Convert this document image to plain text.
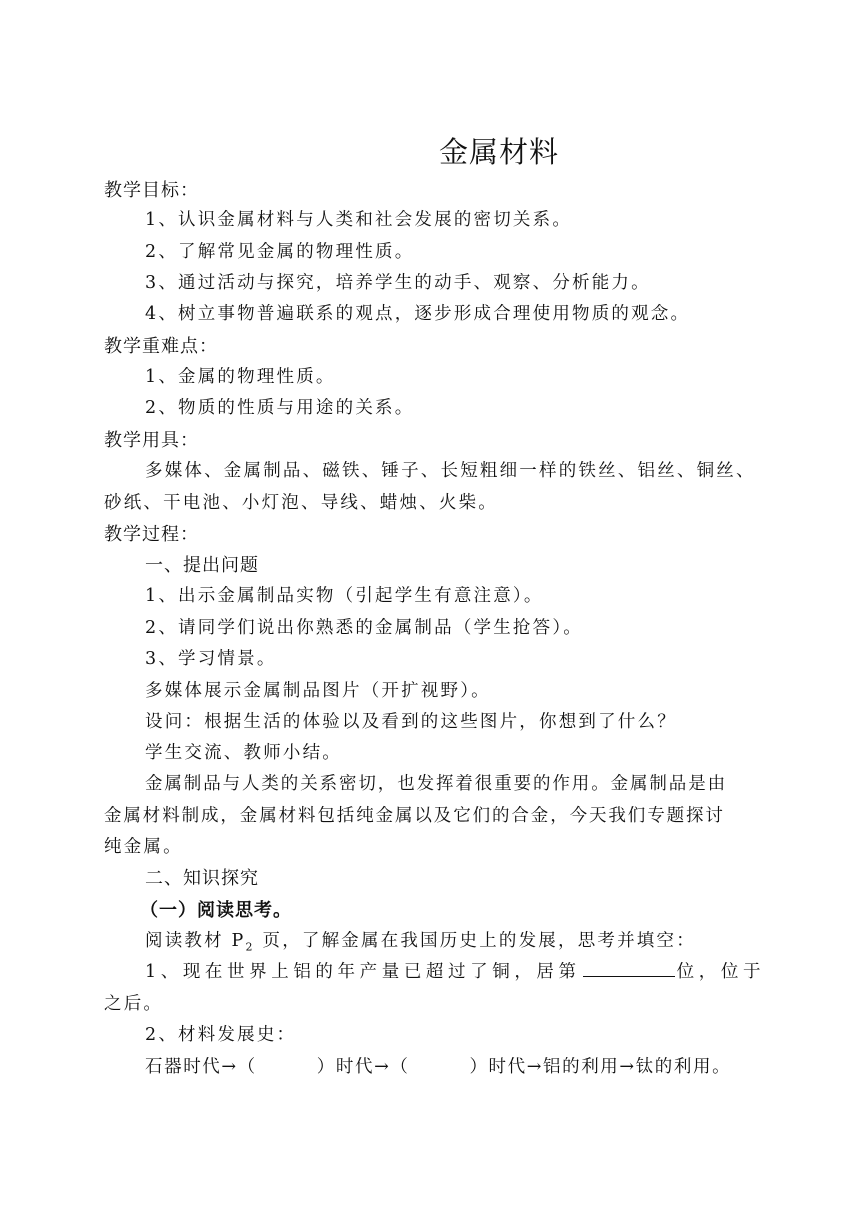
金属材料
教学目标：
1、认识金属材料与人类和社会发展的密切关系。
2、了解常见金属的物理性质。
3、通过活动与探究，培养学生的动手、观察、分析能力。
4、树立事物普遍联系的观点，逐步形成合理使用物质的观念。
教学重难点：
1、金属的物理性质。
2、物质的性质与用途的关系。
教学用具：
多媒体、金属制品、磁铁、锤子、长短粗细一样的铁丝、铝丝、铜丝、
砂纸、干电池、小灯泡、导线、蜡烛、火柴。
教学过程：
一、提出问题
1、出示金属制品实物（引起学生有意注意）。
2、请同学们说出你熟悉的金属制品（学生抢答）。
3、学习情景。
多媒体展示金属制品图片（开扩视野）。
设问：根据生活的体验以及看到的这些图片，你想到了什么？
学生交流、教师小结。
金属制品与人类的关系密切，也发挥着很重要的作用。金属制品是由
金属材料制成，金属材料包括纯金属以及它们的合金，今天我们专题探讨
纯金属。
二、知识探究
（一）阅读思考。
阅读教材 $P_2$ 页，了解金属在我国历史上的发展，思考并填空：
1、现在世界上铝的年产量已超过了铜，居第	位，位于
之后。
2、材料发展史：
石器时代→（	）时代→（	）时代→铝的利用→钛的利用。
